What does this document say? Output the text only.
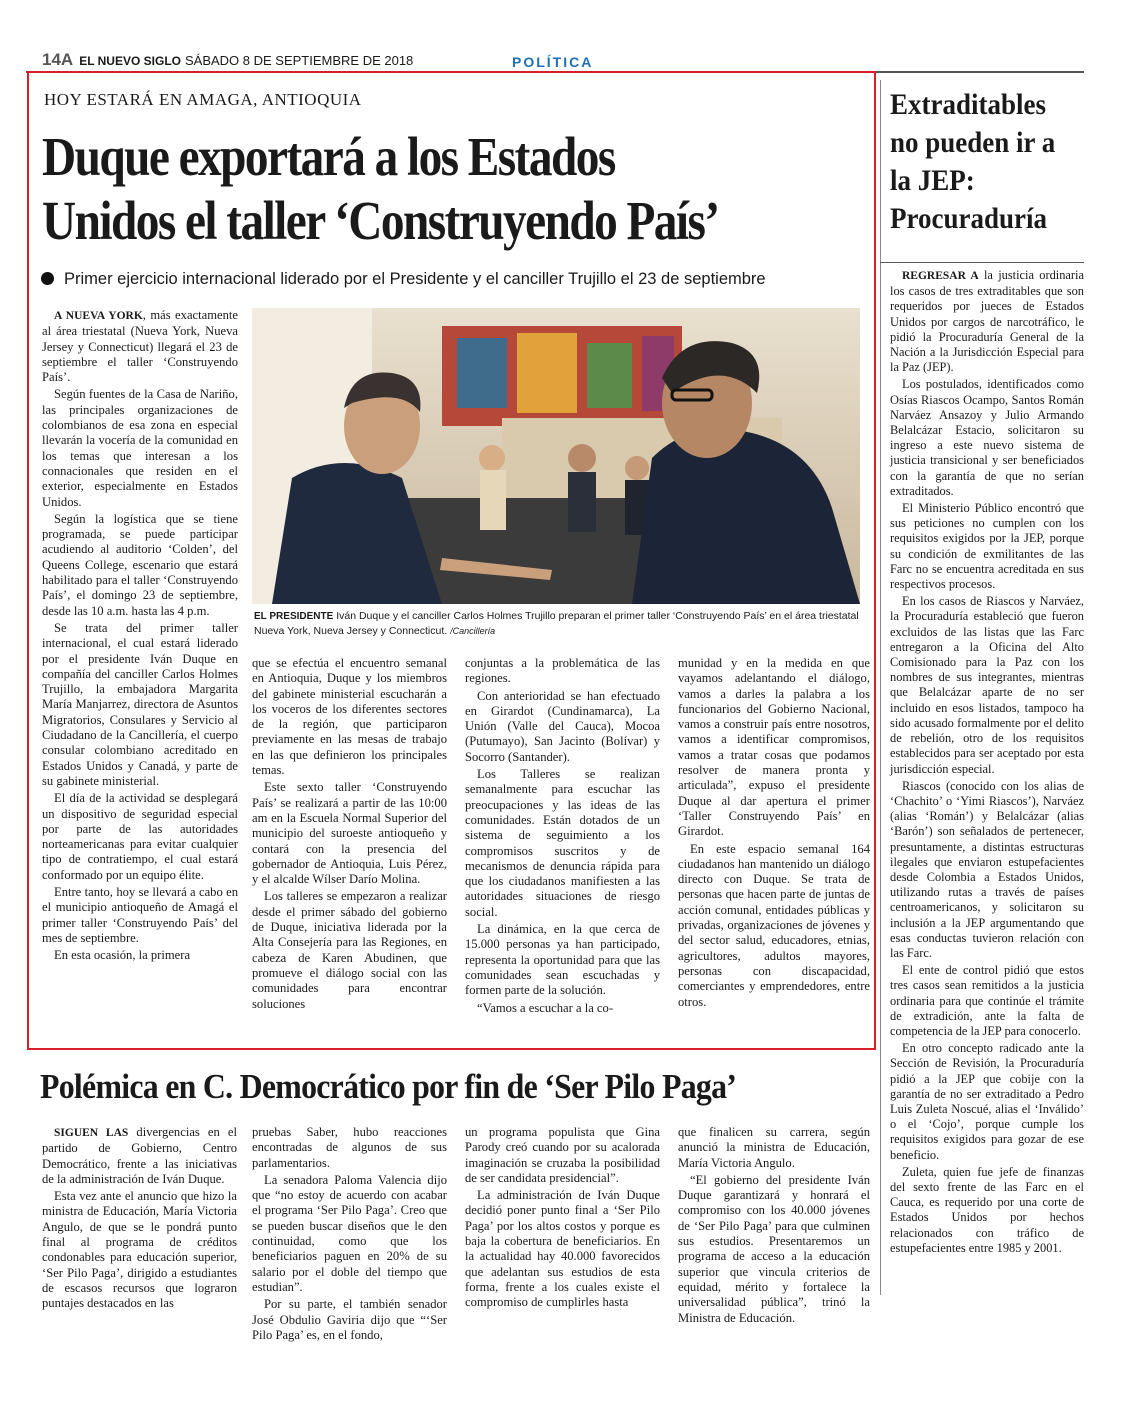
14A EL NUEVO SIGLO SÁBADO 8 DE SEPTIEMBRE DE 2018	POLÍTICA
HOY ESTARÁ EN AMAGA, ANTIOQUIA
Duque exportará a los Estados
Unidos el taller ‘Construyendo País’
Primer ejercicio internacional liderado por el Presidente y el canciller Trujillo el 23 de septiembre

A NUEVA YORK, más exactamente al área triestatal (Nueva York, Nueva Jersey y Connecticut) llegará el 23 de septiembre el taller ‘Construyendo País’.

Según fuentes de la Casa de Nariño, las principales organizaciones de colombianos de esa zona en especial llevarán la vocería de la comunidad en los temas que interesan a los connacionales que residen en el exterior, especialmente en Estados Unidos.

Según la logística que se tiene programada, se puede participar acudiendo al auditorio ‘Colden’, del Queens College, escenario que estará habilitado para el taller ‘Construyendo País’, el domingo 23 de septiembre, desde las 10 a.m. hasta las 4 p.m.

Se trata del primer taller internacional, el cual estará liderado por el presidente Iván Duque en compañía del canciller Carlos Holmes Trujillo, la embajadora Margarita María Manjarrez, directora de Asuntos Migratorios, Consulares y Servicio al Ciudadano de la Cancillería, el cuerpo consular colombiano acreditado en Estados Unidos y Canadá, y parte de su gabinete ministerial.

El día de la actividad se desplegará un dispositivo de seguridad especial por parte de las autoridades norteamericanas para evitar cualquier tipo de contratiempo, el cual estará conformado por un equipo élite.

Entre tanto, hoy se llevará a cabo en el municipio antioqueño de Amagá el primer taller ‘Construyendo País’ del mes de septiembre.

En esta ocasión, la primera

EL PRESIDENTE Iván Duque y el canciller Carlos Holmes Trujillo preparan el primer taller ‘Construyendo País’ en el área triestatal Nueva York, Nueva Jersey y Connecticut. /Cancillería

que se efectúa el encuentro semanal en Antioquia, Duque y los miembros del gabinete ministerial escucharán a los voceros de los diferentes sectores de la región, que participaron previamente en las mesas de trabajo en las que definieron los principales temas.

Este sexto taller ‘Construyendo País’ se realizará a partir de las 10:00 am en la Escuela Normal Superior del municipio del suroeste antioqueño y contará con la presencia del gobernador de Antioquia, Luis Pérez, y el alcalde Wílser Darío Molina.

Los talleres se empezaron a realizar desde el primer sábado del gobierno de Duque, iniciativa liderada por la Alta Consejería para las Regiones, en cabeza de Karen Abudinen, que promueve el diálogo social con las comunidades para encontrar soluciones

conjuntas a la problemática de las regiones.

Con anterioridad se han efectuado en Girardot (Cundinamarca), La Unión (Valle del Cauca), Mocoa (Putumayo), San Jacinto (Bolívar) y Socorro (Santander).

Los Talleres se realizan semanalmente para escuchar las preocupaciones y las ideas de las comunidades. Están dotados de un sistema de seguimiento a los compromisos suscritos y de mecanismos de denuncia rápida para que los ciudadanos manifiesten a las autoridades situaciones de riesgo social.

La dinámica, en la que cerca de 15.000 personas ya han participado, representa la oportunidad para que las comunidades sean escuchadas y formen parte de la solución.

“Vamos a escuchar a la co-

munidad y en la medida en que vayamos adelantando el diálogo, vamos a darles la palabra a los funcionarios del Gobierno Nacional, vamos a construir país entre nosotros, vamos a identificar compromisos, vamos a tratar cosas que podamos resolver de manera pronta y articulada”, expuso el presidente Duque al dar apertura el primer ‘Taller Construyendo País’ en Girardot.

En este espacio semanal 164 ciudadanos han mantenido un diálogo directo con Duque. Se trata de personas que hacen parte de juntas de acción comunal, entidades públicas y privadas, organizaciones de jóvenes y del sector salud, educadores, etnias, agricultores, adultos mayores, personas con discapacidad, comerciantes y emprendedores, entre otros.

Extraditables no pueden ir a la JEP: Procuraduría

REGRESAR A la justicia ordinaria los casos de tres extraditables que son requeridos por jueces de Estados Unidos por cargos de narcotráfico, le pidió la Procuraduría General de la Nación a la Jurisdicción Especial para la Paz (JEP).

Los postulados, identificados como Osías Riascos Ocampo, Santos Román Narváez Ansazoy y Julio Armando Belalcázar Estacio, solicitaron su ingreso a este nuevo sistema de justicia transicional y ser beneficiados con la garantía de que no serían extraditados.

El Ministerio Público encontró que sus peticiones no cumplen con los requisitos exigidos por la JEP, porque su condición de exmilitantes de las Farc no se encuentra acreditada en sus respectivos procesos.

En los casos de Riascos y Narváez, la Procuraduría estableció que fueron excluidos de las listas que las Farc entregaron a la Oficina del Alto Comisionado para la Paz con los nombres de sus integrantes, mientras que Belalcázar aparte de no ser incluido en esos listados, tampoco ha sido acusado formalmente por el delito de rebelión, otro de los requisitos establecidos para ser aceptado por esta jurisdicción especial.

Riascos (conocido con los alias de ‘Chachito’ o ‘Yimi Riascos’), Narváez (alias ‘Román’) y Belalcázar (alias ‘Barón’) son señalados de pertenecer, presuntamente, a distintas estructuras ilegales que enviaron estupefacientes desde Colombia a Estados Unidos, utilizando rutas a través de países centroamericanos, y solicitaron su inclusión a la JEP argumentando que esas conductas tuvieron relación con las Farc.

El ente de control pidió que estos tres casos sean remitidos a la justicia ordinaria para que continúe el trámite de extradición, ante la falta de competencia de la JEP para conocerlo.

En otro concepto radicado ante la Sección de Revisión, la Procuraduría pidió a la JEP que cobije con la garantía de no ser extraditado a Pedro Luis Zuleta Noscué, alias el ‘Inválido’ o el ‘Cojo’, porque cumple los requisitos exigidos para gozar de ese beneficio.

Zuleta, quien fue jefe de finanzas del sexto frente de las Farc en el Cauca, es requerido por una corte de Estados Unidos por hechos relacionados con tráfico de estupefacientes entre 1985 y 2001.

Polémica en C. Democrático por fin de ‘Ser Pilo Paga’

SIGUEN LAS divergencias en el partido de Gobierno, Centro Democrático, frente a las iniciativas de la administración de Iván Duque.

Esta vez ante el anuncio que hizo la ministra de Educación, María Victoria Angulo, de que se le pondrá punto final al programa de créditos condonables para educación superior, ‘Ser Pilo Paga’, dirigido a estudiantes de escasos recursos que lograron puntajes destacados en las

pruebas Saber, hubo reacciones encontradas de algunos de sus parlamentarios.

La senadora Paloma Valencia dijo que “no estoy de acuerdo con acabar el programa ‘Ser Pilo Paga’. Creo que se pueden buscar diseños que le den continuidad, como que los beneficiarios paguen en 20% de su salario por el doble del tiempo que estudian”.

Por su parte, el también senador José Obdulio Gaviria dijo que “‘Ser Pilo Paga’ es, en el fondo,

un programa populista que Gina Parody creó cuando por su acalorada imaginación se cruzaba la posibilidad de ser candidata presidencial”.

La administración de Iván Duque decidió poner punto final a ‘Ser Pilo Paga’ por los altos costos y porque es baja la cobertura de beneficiarios. En la actualidad hay 40.000 favorecidos que adelantan sus estudios de esta forma, frente a los cuales existe el compromiso de cumplirles hasta

que finalicen su carrera, según anunció la ministra de Educación, María Victoria Angulo.

“El gobierno del presidente Iván Duque garantizará y honrará el compromiso con los 40.000 jóvenes de ‘Ser Pilo Paga’ para que culminen sus estudios. Presentaremos un programa de acceso a la educación superior que vincula criterios de equidad, mérito y fortalece la universalidad pública”, trinó la Ministra de Educación.
